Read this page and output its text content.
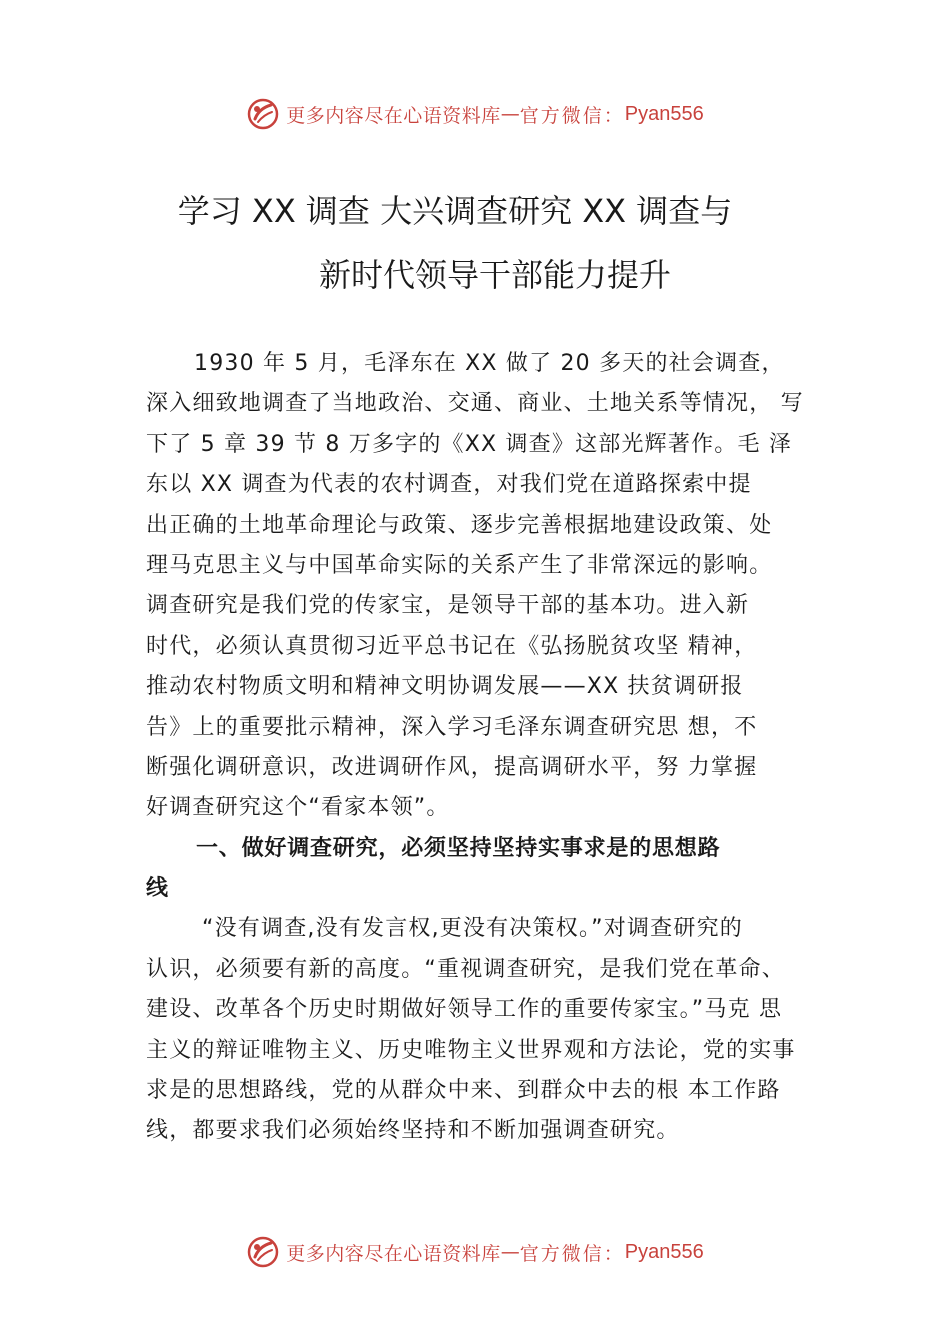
更多内容尽在心语资料库 — 官方微信： Pyan556
学习 XX 调查 大兴调查研究 XX 调查与
新时代领导干部能力提升
1930 年 5 月，毛泽东在 XX 做了 20 多天的社会调查，
深入细致地调查了当地政治、交通、商业、土地关系等情况， 写
下了 5 章 39 节 8 万多字的《XX 调查》这部光辉著作。毛 泽
东以 XX 调查为代表的农村调查，对我们党在道路探索中提
出正确的土地革命理论与政策、逐步完善根据地建设政策、处
理马克思主义与中国革命实际的关系产生了非常深远的影响。
调查研究是我们党的传家宝，是领导干部的基本功。进入新
时代，必须认真贯彻习近平总书记在《弘扬脱贫攻坚 精神，
推动农村物质文明和精神文明协调发展——XX 扶贫调研报
告》上的重要批示精神，深入学习毛泽东调查研究思 想，不
断强化调研意识，改进调研作风，提高调研水平，努 力掌握
好调查研究这个“看家本领”。
一、做好调查研究，必须坚持坚持实事求是的思想路
线
“没有调查,没有发言权,更没有决策权。”对调查研究的
认识，必须要有新的高度。“重视调查研究，是我们党在革命、
建设、改革各个历史时期做好领导工作的重要传家宝。”马克 思
主义的辩证唯物主义、历史唯物主义世界观和方法论，党的实事
求是的思想路线，党的从群众中来、到群众中去的根 本工作路
线，都要求我们必须始终坚持和不断加强调查研究。
更多内容尽在心语资料库 — 官方微信： Pyan556
